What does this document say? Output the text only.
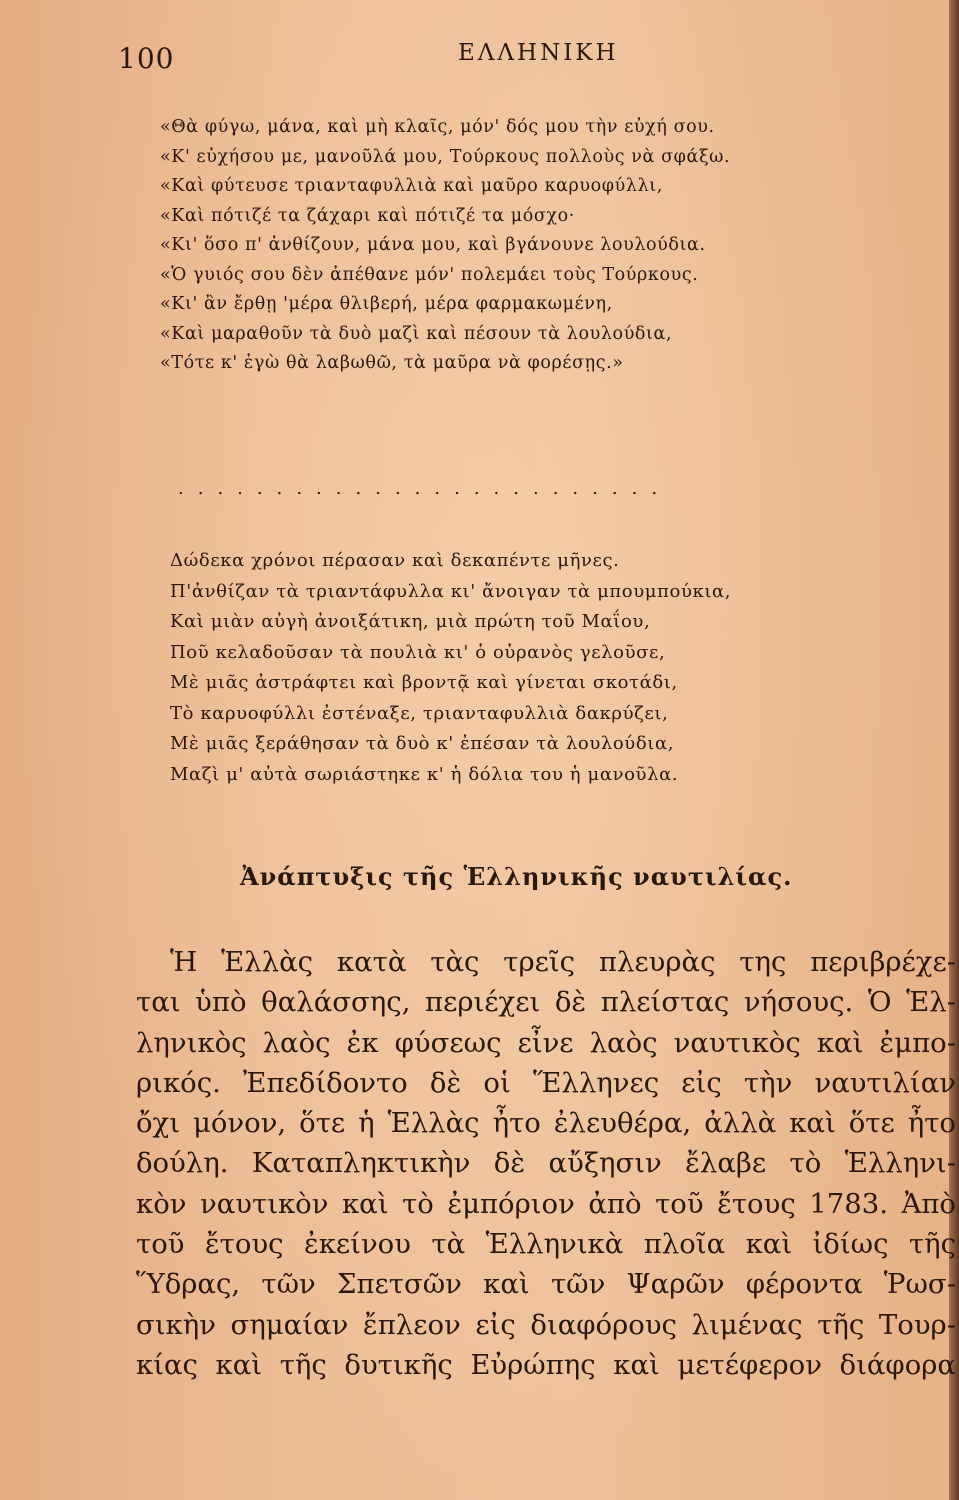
100	ΕΛΛΗΝΙΚΗ
«Θὰ φύγω, μάνα, καὶ μὴ κλαῖς, μόν' δός μου τὴν εὐχή σου.
«Κ' εὐχήσου με, μανοῦλά μου, Τούρκους πολλοὺς νὰ σφάξω.
«Καὶ φύτευσε τριανταφυλλιὰ καὶ μαῦρο καρυοφύλλι,
«Καὶ πότιζέ τα ζάχαρι καὶ πότιζέ τα μόσχο·
«Κι' ὅσο π' ἀνθίζουν, μάνα μου, καὶ βγάνουνε λουλούδια.
«Ὁ γυιός σου δὲν ἀπέθανε μόν' πολεμάει τοὺς Τούρκους.
«Κι' ἂν ἔρθῃ 'μέρα θλιβερή, μέρα φαρμακωμένη,
«Καὶ μαραθοῦν τὰ δυὸ μαζὶ καὶ πέσουν τὰ λουλούδια,
«Τότε κ' ἐγὼ θὰ λαβωθῶ, τὰ μαῦρα νὰ φορέσῃς.»
.........................
Δώδεκα χρόνοι πέρασαν καὶ δεκαπέντε μῆνες.
Π'ἀνθίζαν τὰ τριαντάφυλλα κι' ἄνοιγαν τὰ μπουμπούκια,
Καὶ μιὰν αὐγὴ ἀνοιξάτικη, μιὰ πρώτη τοῦ Μαΐου,
Ποῦ κελαδοῦσαν τὰ πουλιὰ κι' ὁ οὐρανὸς γελοῦσε,
Μὲ μιᾶς ἀστράφτει καὶ βροντᾷ καὶ γίνεται σκοτάδι,
Τὸ καρυοφύλλι ἐστέναξε, τριανταφυλλιὰ δακρύζει,
Μὲ μιᾶς ξεράθησαν τὰ δυὸ κ' ἐπέσαν τὰ λουλούδια,
Μαζὶ μ' αὐτὰ σωριάστηκε κ' ἡ δόλια του ἡ μανοῦλα.
Ἀνάπτυξις τῆς Ἑλληνικῆς ναυτιλίας.
Ἡ Ἑλλὰς κατὰ τὰς τρεῖς πλευρὰς της περιβρέχε-
ται ὑπὸ θαλάσσης, περιέχει δὲ πλείστας νήσους. Ὁ Ἑλ-
ληνικὸς λαὸς ἐκ φύσεως εἶνε λαὸς ναυτικὸς καὶ ἐμπο-
ρικός. Ἐπεδίδοντο δὲ οἱ Ἕλληνες εἰς τὴν ναυτιλίαν
ὄχι μόνον, ὅτε ἡ Ἑλλὰς ἦτο ἐλευθέρα, ἀλλὰ καὶ ὅτε ἦτο
δούλη. Καταπληκτικὴν δὲ αὔξησιν ἔλαβε τὸ Ἑλληνι-
κὸν ναυτικὸν καὶ τὸ ἐμπόριον ἀπὸ τοῦ ἔτους 1783. Ἀπὸ
τοῦ ἔτους ἐκείνου τὰ Ἑλληνικὰ πλοῖα καὶ ἰδίως τῆς
Ὕδρας, τῶν Σπετσῶν καὶ τῶν Ψαρῶν φέροντα Ῥωσ-
σικὴν σημαίαν ἔπλεον εἰς διαφόρους λιμένας τῆς Τουρ-
κίας καὶ τῆς δυτικῆς Εὐρώπης καὶ μετέφερον διάφορα
